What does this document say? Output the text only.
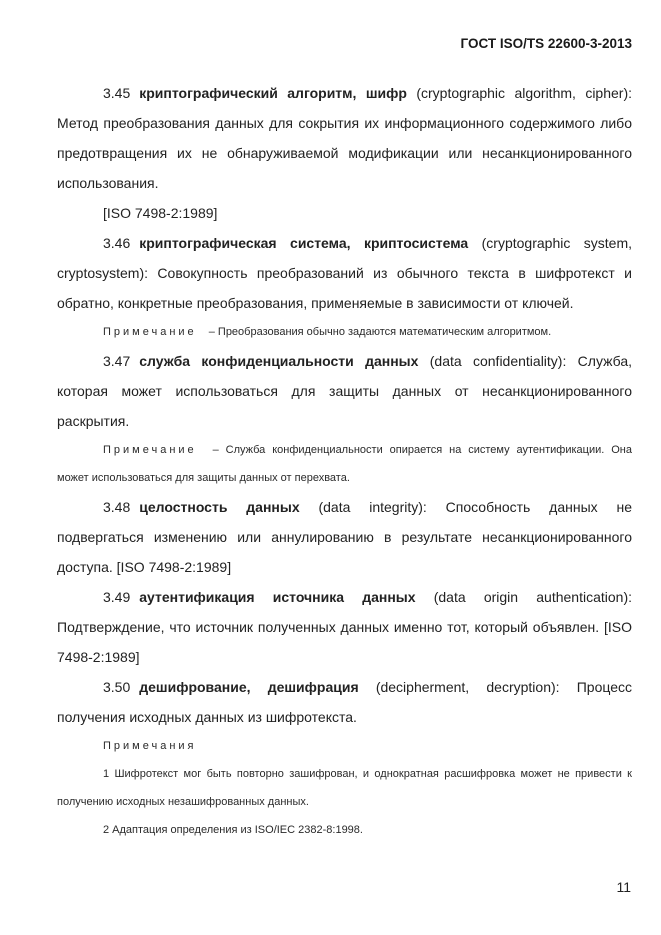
ГОСТ ISO/TS 22600-3-2013

3.45 криптографический алгоритм, шифр (cryptographic algorithm, cipher): Метод преобразования данных для сокрытия их информационного содержимого либо предотвращения их не обнаруживаемой модификации или несанкционированного использования.

[ISO 7498-2:1989]

3.46 криптографическая система, криптосистема (cryptographic system, cryptosystem): Совокупность преобразований из обычного текста в шифротекст и обратно, конкретные преобразования, применяемые в зависимости от ключей.

Примечание – Преобразования обычно задаются математическим алгоритмом.

3.47 служба конфиденциальности данных (data confidentiality): Служба, которая может использоваться для защиты данных от несанкционированного раскрытия.

Примечание – Служба конфиденциальности опирается на систему аутентификации. Она может использоваться для защиты данных от перехвата.

3.48 целостность данных (data integrity): Способность данных не подвергаться изменению или аннулированию в результате несанкционированного доступа. [ISO 7498-2:1989]

3.49 аутентификация источника данных (data origin authentication): Подтверждение, что источник полученных данных именно тот, который объявлен. [ISO 7498-2:1989]

3.50 дешифрование, дешифрация (decipherment, decryption): Процесс получения исходных данных из шифротекста.

Примечания

1 Шифротекст мог быть повторно зашифрован, и однократная расшифровка может не привести к получению исходных незашифрованных данных.

2 Адаптация определения из ISO/IEC 2382-8:1998.

11
